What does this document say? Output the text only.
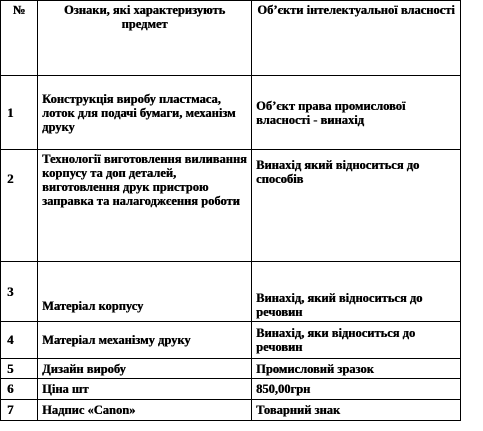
№	Ознаки, які характеризують предмет	Об’єкти інтелектуальної власності
1	Конструкція виробу пластмаса, лоток для подачі бумаги, механізм друку	Об’єкт права промислової власності - винахід
2	Технології виготовлення виливання корпусу та доп деталей, виготовлення друк пристрою заправка та налагоджєення роботи	Винахід який відноситься до способів
3	Матеріал корпусу	Винахід, який відноситься до речовин
4	Матеріал механізму друку	Винахід, яки відноситься до речовин
5	Дизайн виробу	Промисловий зразок
6	Ціна шт	850,00грн
7	Надпис «Canon»	Товарний знак
